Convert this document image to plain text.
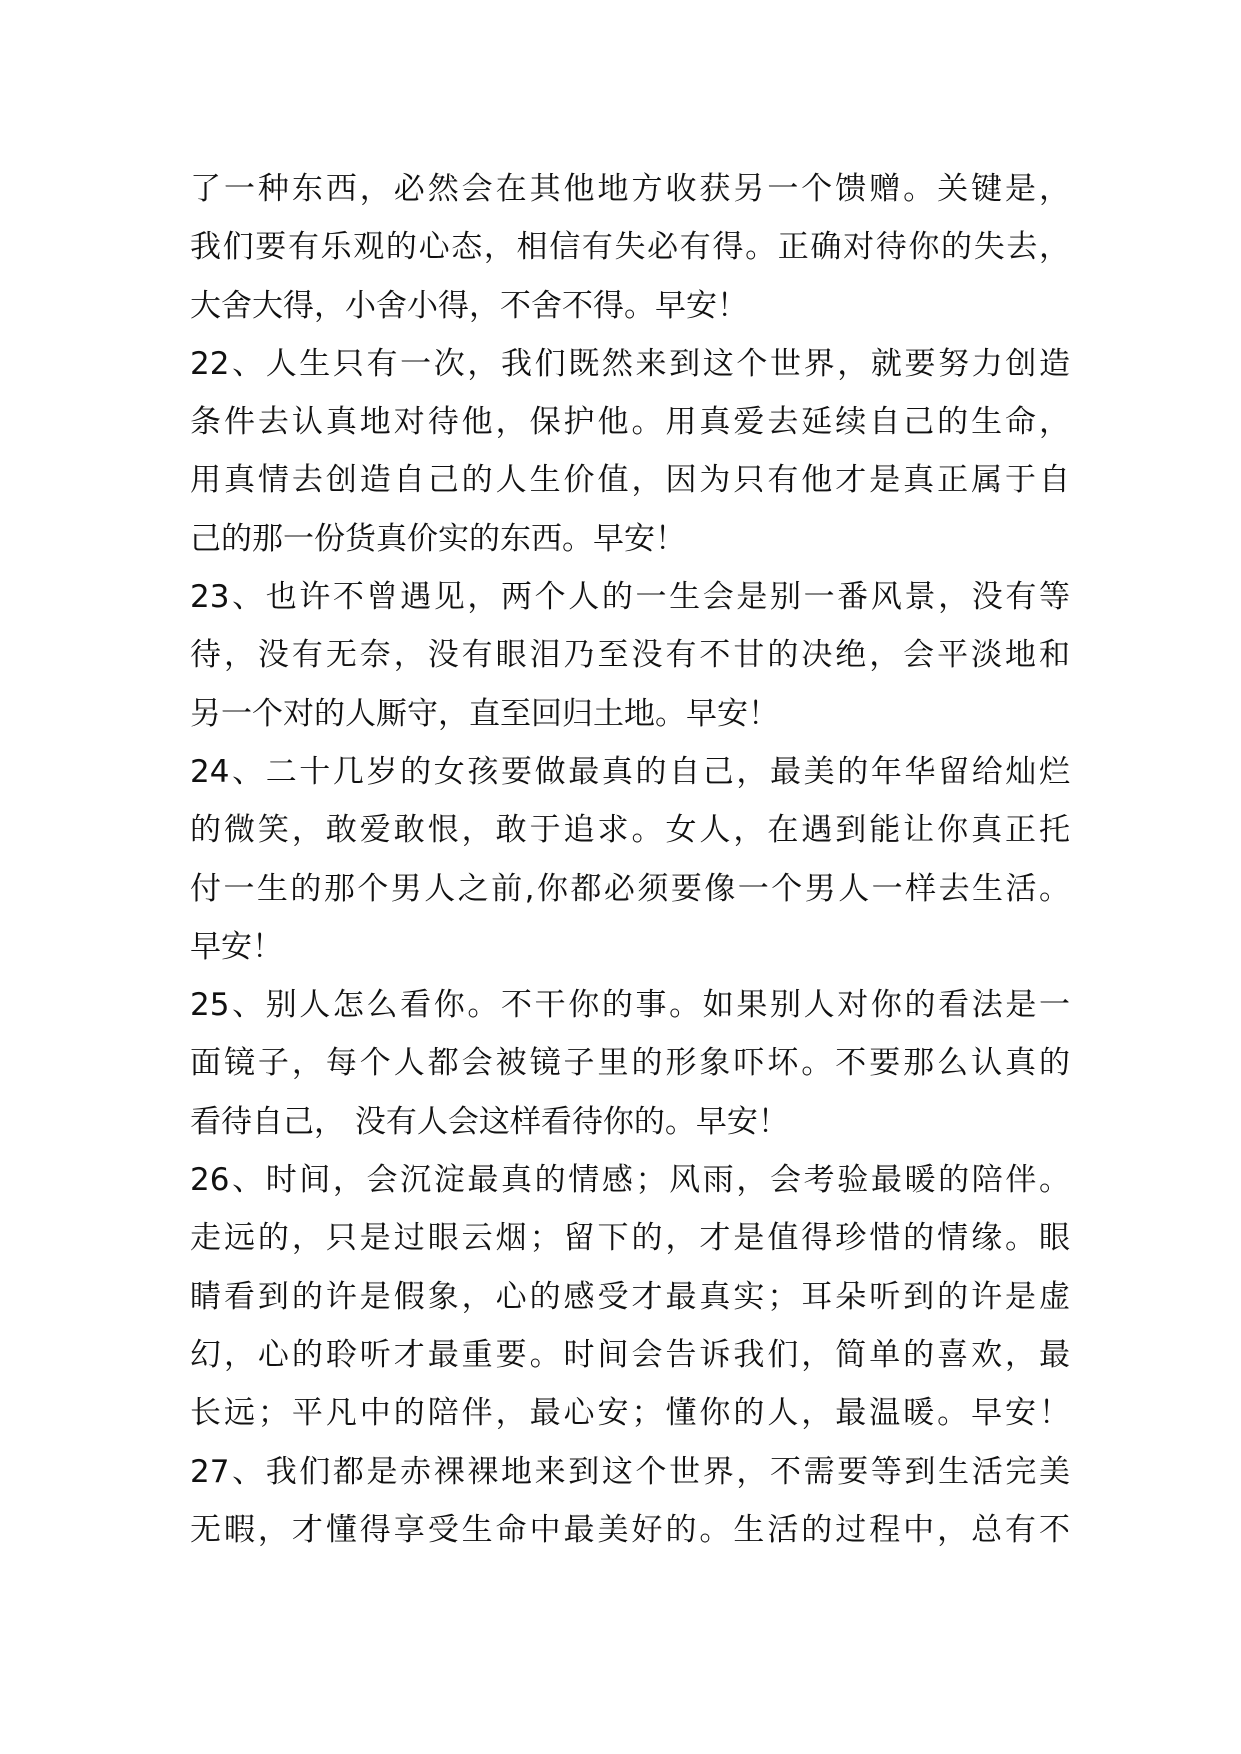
了一种东西，必然会在其他地方收获另一个馈赠。关键是，
我们要有乐观的心态，相信有失必有得。正确对待你的失去，
大舍大得，小舍小得，不舍不得。早安！
22、人生只有一次，我们既然来到这个世界，就要努力创造
条件去认真地对待他，保护他。用真爱去延续自己的生命，
用真情去创造自己的人生价值，因为只有他才是真正属于自
己的那一份货真价实的东西。早安！
23、也许不曾遇见，两个人的一生会是别一番风景，没有等
待，没有无奈，没有眼泪乃至没有不甘的决绝，会平淡地和
另一个对的人厮守，直至回归土地。早安！
24、二十几岁的女孩要做最真的自己，最美的年华留给灿烂
的微笑，敢爱敢恨，敢于追求。女人，在遇到能让你真正托
付一生的那个男人之前,你都必须要像一个男人一样去生活。
早安！
25、别人怎么看你。不干你的事。如果别人对你的看法是一
面镜子，每个人都会被镜子里的形象吓坏。不要那么认真的
看待自己， 没有人会这样看待你的。早安！
26、时间，会沉淀最真的情感；风雨，会考验最暖的陪伴。
走远的，只是过眼云烟；留下的，才是值得珍惜的情缘。眼
睛看到的许是假象，心的感受才最真实；耳朵听到的许是虚
幻，心的聆听才最重要。时间会告诉我们，简单的喜欢，最
长远；平凡中的陪伴，最心安；懂你的人，最温暖。早安！
27、我们都是赤裸裸地来到这个世界，不需要等到生活完美
无暇，才懂得享受生命中最美好的。生活的过程中，总有不
